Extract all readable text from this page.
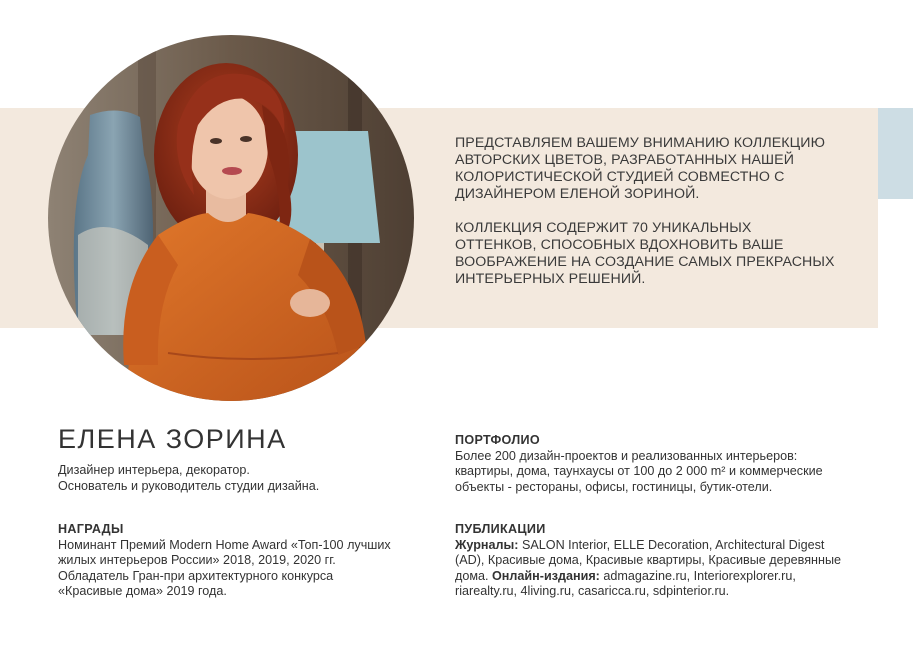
ПРЕДСТАВЛЯЕМ ВАШЕМУ ВНИМАНИЮ КОЛЛЕКЦИЮ АВТОРСКИХ ЦВЕТОВ, РАЗРАБОТАННЫХ НАШЕЙ КОЛОРИСТИЧЕСКОЙ СТУДИЕЙ СОВМЕСТНО С ДИЗАЙНЕРОМ ЕЛЕНОЙ ЗОРИНОЙ.

КОЛЛЕКЦИЯ СОДЕРЖИТ 70 УНИКАЛЬНЫХ ОТТЕНКОВ, СПОСОБНЫХ ВДОХНОВИТЬ ВАШЕ ВООБРАЖЕНИЕ НА СОЗДАНИЕ САМЫХ ПРЕКРАСНЫХ ИНТЕРЬЕРНЫХ РЕШЕНИЙ.

ЕЛЕНА ЗОРИНА
Дизайнер интерьера, декоратор.
Основатель и руководитель студии дизайна.
НАГРАДЫ

Номинант Премий Modern Home Award «Топ-100 лучших жилых интерьеров России» 2018, 2019, 2020 гг. Обладатель Гран-при архитектурного конкурса «Красивые дома» 2019 года.

ПОРТФОЛИО

Более 200 дизайн-проектов и реализованных интерьеров: квартиры, дома, таунхаусы от 100 до 2 000 m² и коммерческие объекты - рестораны, офисы, гостиницы, бутик-отели.

ПУБЛИКАЦИИ

Журналы: SALON Interior, ELLE Decoration, Architectural Digest (AD), Красивые дома, Красивые квартиры, Красивые деревянные дома. Онлайн-издания: admagazine.ru, Interiorexplorer.ru, riarealty.ru, 4living.ru, casaricca.ru, sdpinterior.ru.
